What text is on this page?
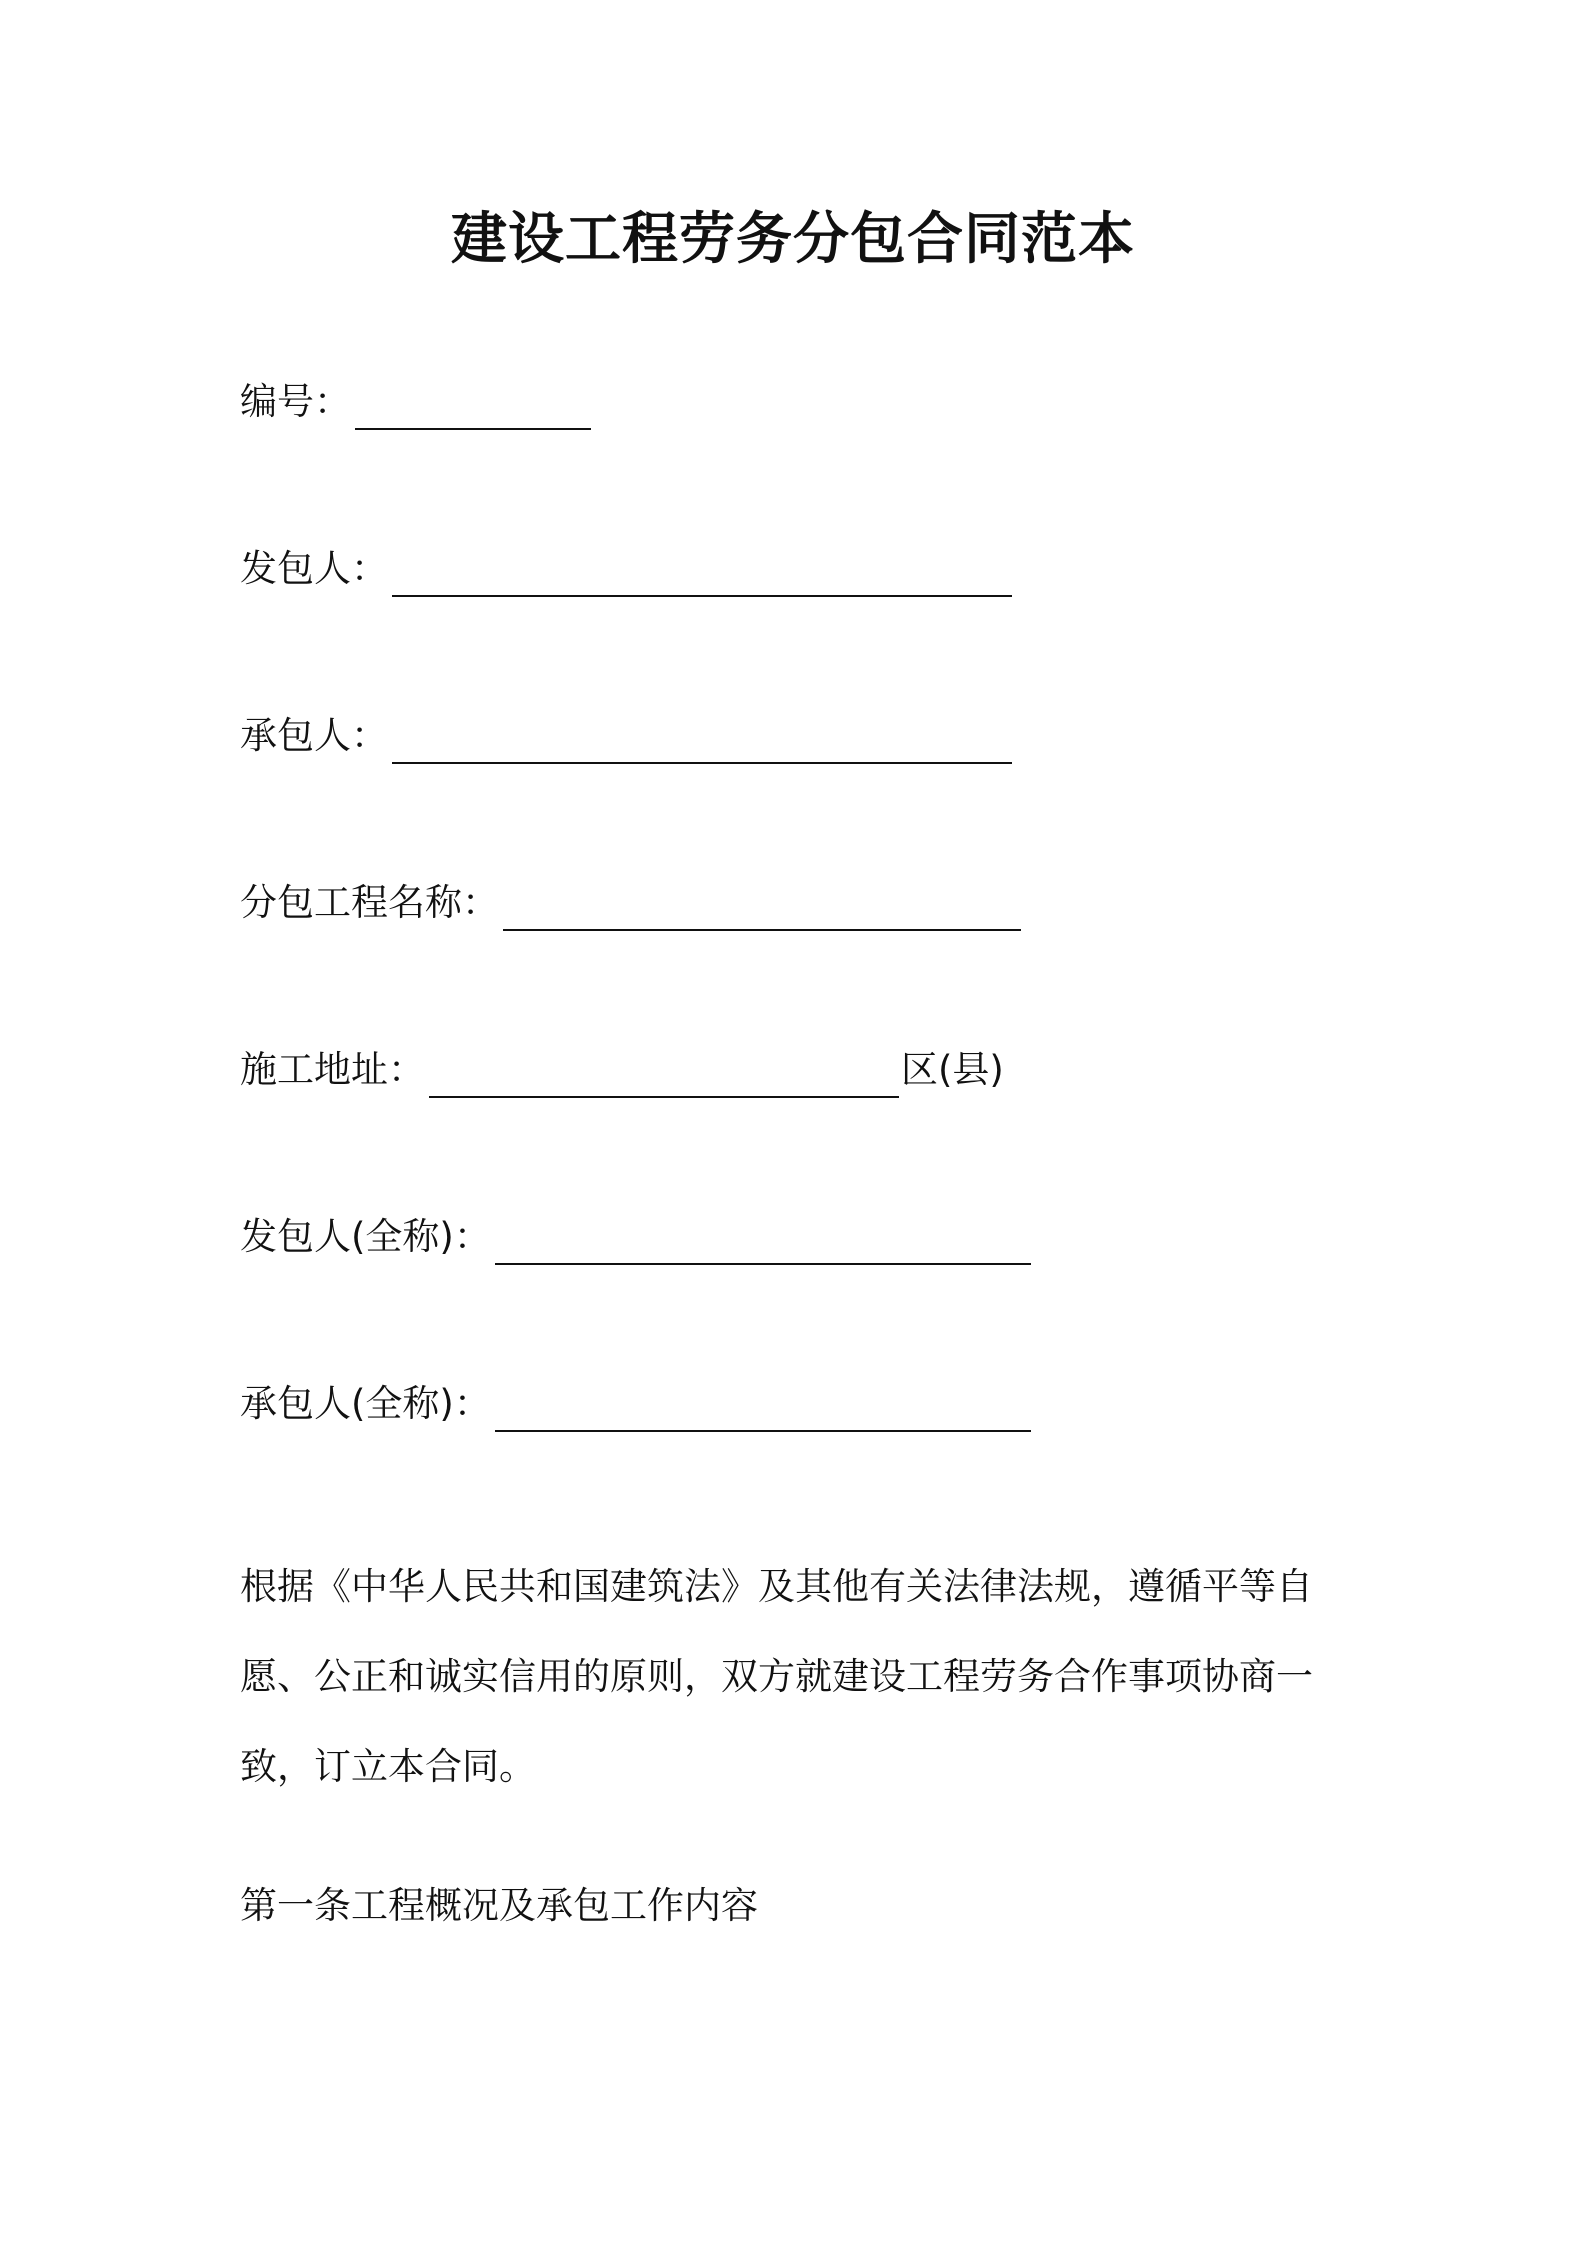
建设工程劳务分包合同范本
编号：
发包人：
承包人：
分包工程名称：
施工地址：	区(县)
发包人(全称)：
承包人(全称)：
根据《中华人民共和国建筑法》及其他有关法律法规，遵循平等自愿、公正和诚实信用的原则，双方就建设工程劳务合作事项协商一致，订立本合同。
第一条工程概况及承包工作内容
